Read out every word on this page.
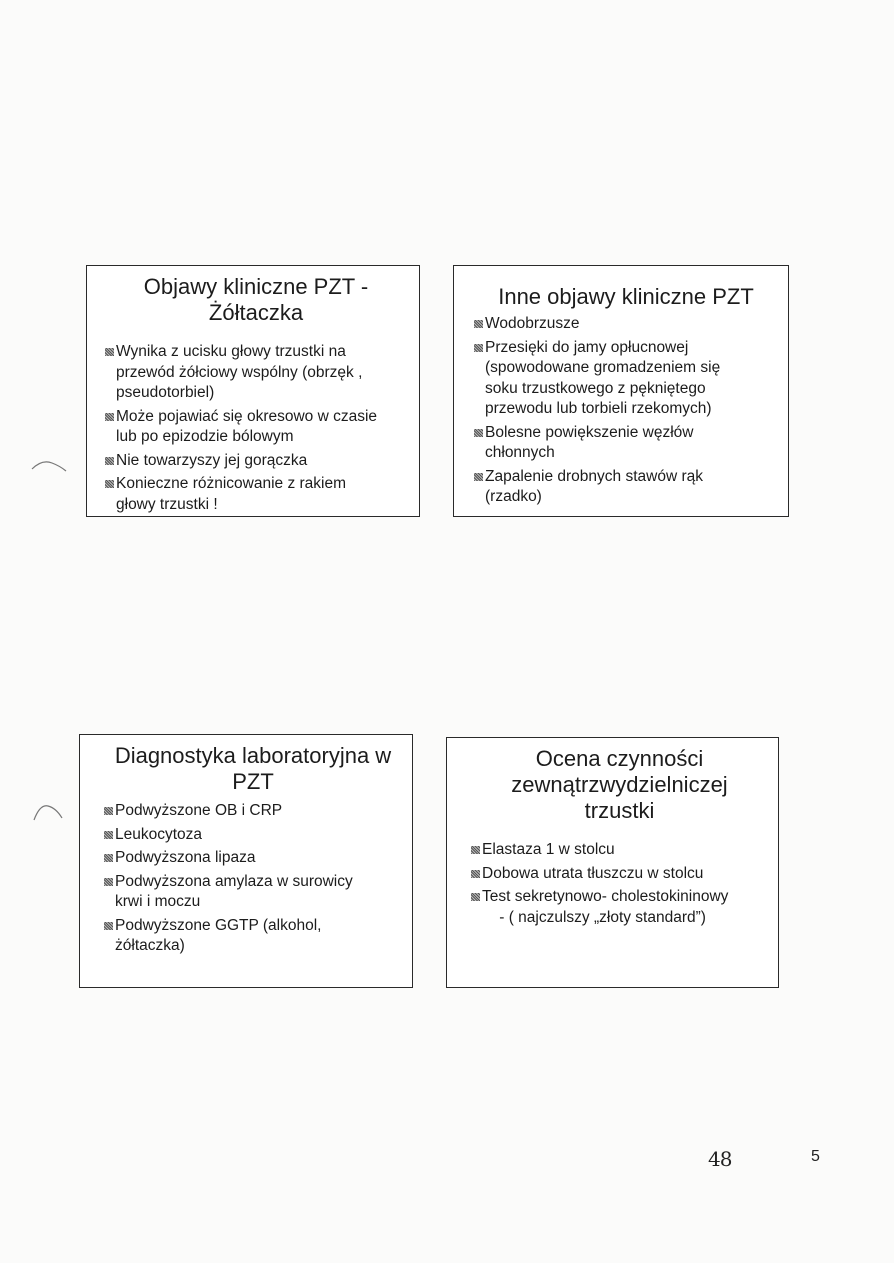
Objawy kliniczne PZT -
Żółtaczka
Wynika z ucisku głowy trzustki na
przewód żółciowy wspólny (obrzęk ,
pseudotorbiel)
Może pojawiać się okresowo w czasie
lub po epizodzie bólowym
Nie towarzyszy jej gorączka
Konieczne różnicowanie z rakiem
głowy trzustki !
Inne objawy kliniczne PZT
Wodobrzusze
Przesięki do jamy opłucnowej
(spowodowane gromadzeniem się
soku trzustkowego z pękniętego
przewodu lub torbieli rzekomych)
Bolesne powiększenie węzłów
chłonnych
Zapalenie drobnych stawów rąk
(rzadko)
Diagnostyka laboratoryjna w
PZT
Podwyższone OB i CRP
Leukocytoza
Podwyższona lipaza
Podwyższona amylaza w surowicy
krwi i moczu
Podwyższone GGTP (alkohol,
żółtaczka)
Ocena czynności
zewnątrzwydzielniczej
trzustki
Elastaza 1 w stolcu
Dobowa utrata tłuszczu w stolcu
Test sekretynowo- cholestokininowy
- ( najczulszy „złoty standard”)
48	5
